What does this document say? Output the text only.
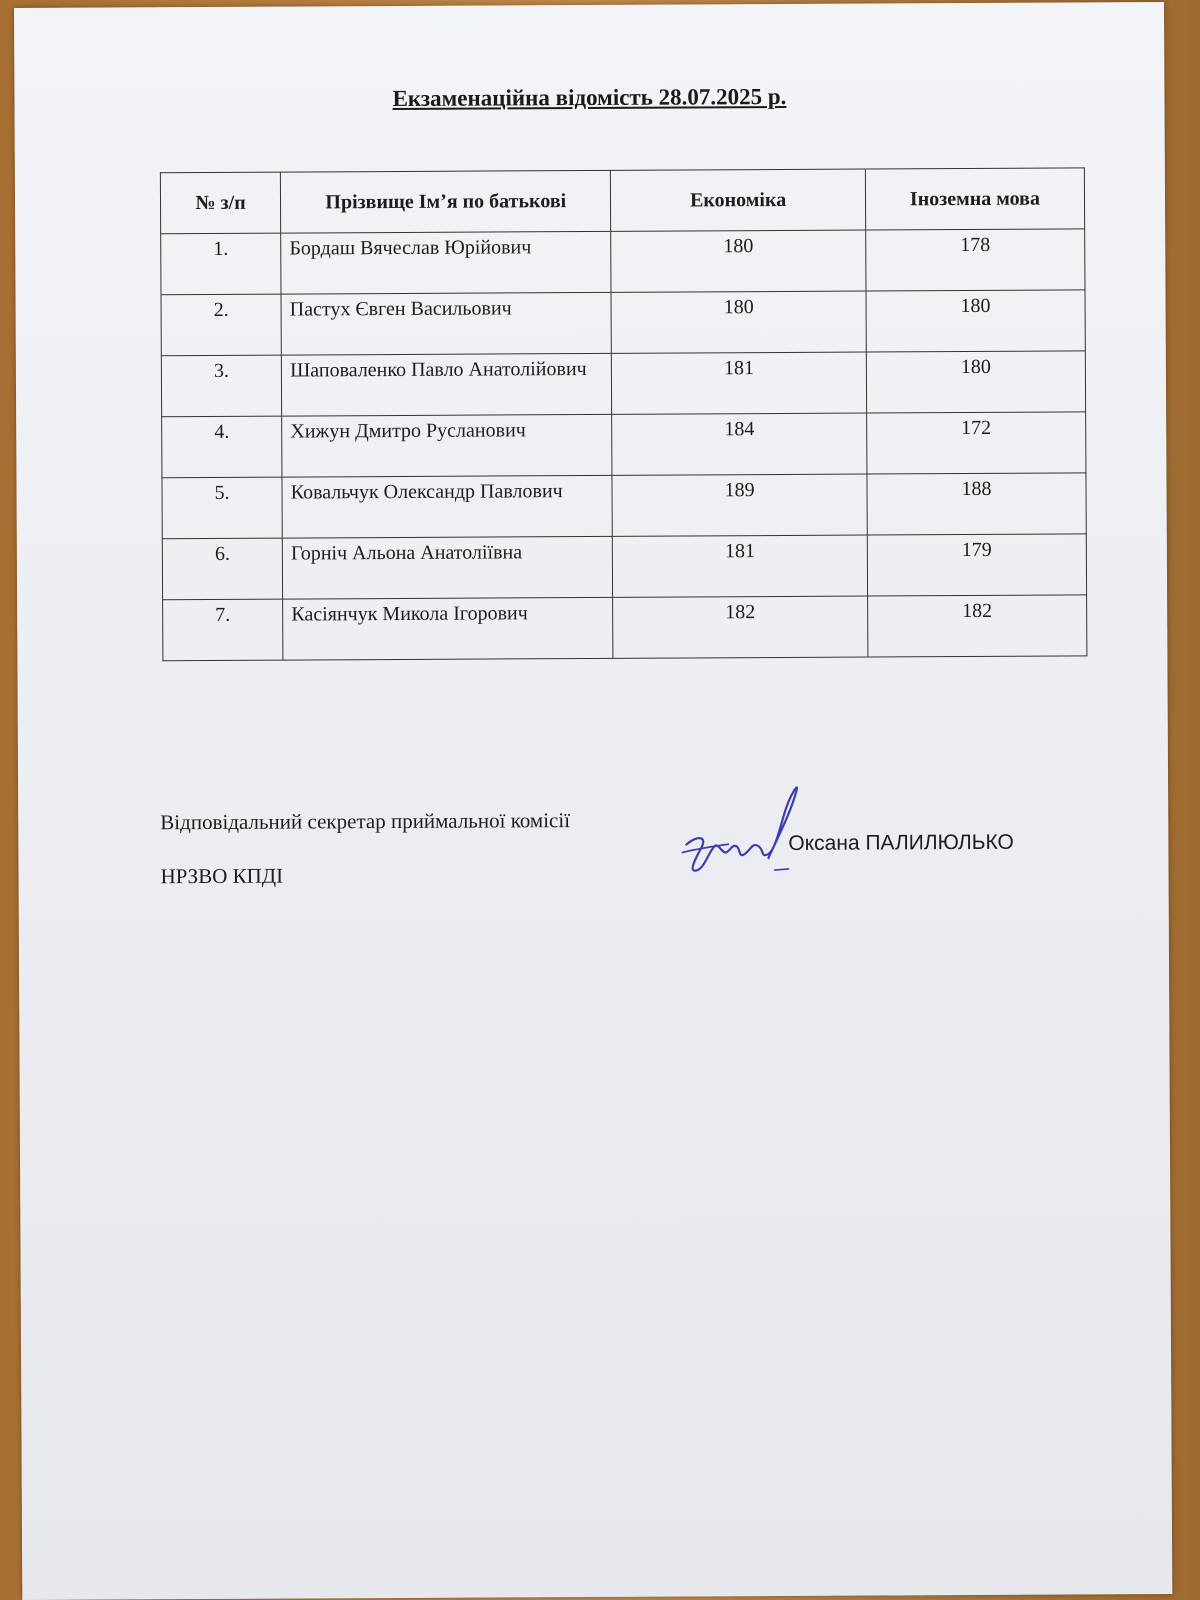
Екзаменаційна відомість 28.07.2025 р.
№ з/п	Прізвище Ім’я по батькові	Економіка	Іноземна мова
1.	Бордаш Вячеслав Юрійович	180	178
2.	Пастух Євген Васильович	180	180
3.	Шаповаленко Павло Анатолійович	181	180
4.	Хижун Дмитро Русланович	184	172
5.	Ковальчук Олександр Павлович	189	188
6.	Горніч Альона Анатоліївна	181	179
7.	Касіянчук Микола Ігорович	182	182
Відповідальний секретар приймальної комісії
НРЗВО КПДІ
Оксана ПАЛИЛЮЛЬКО
